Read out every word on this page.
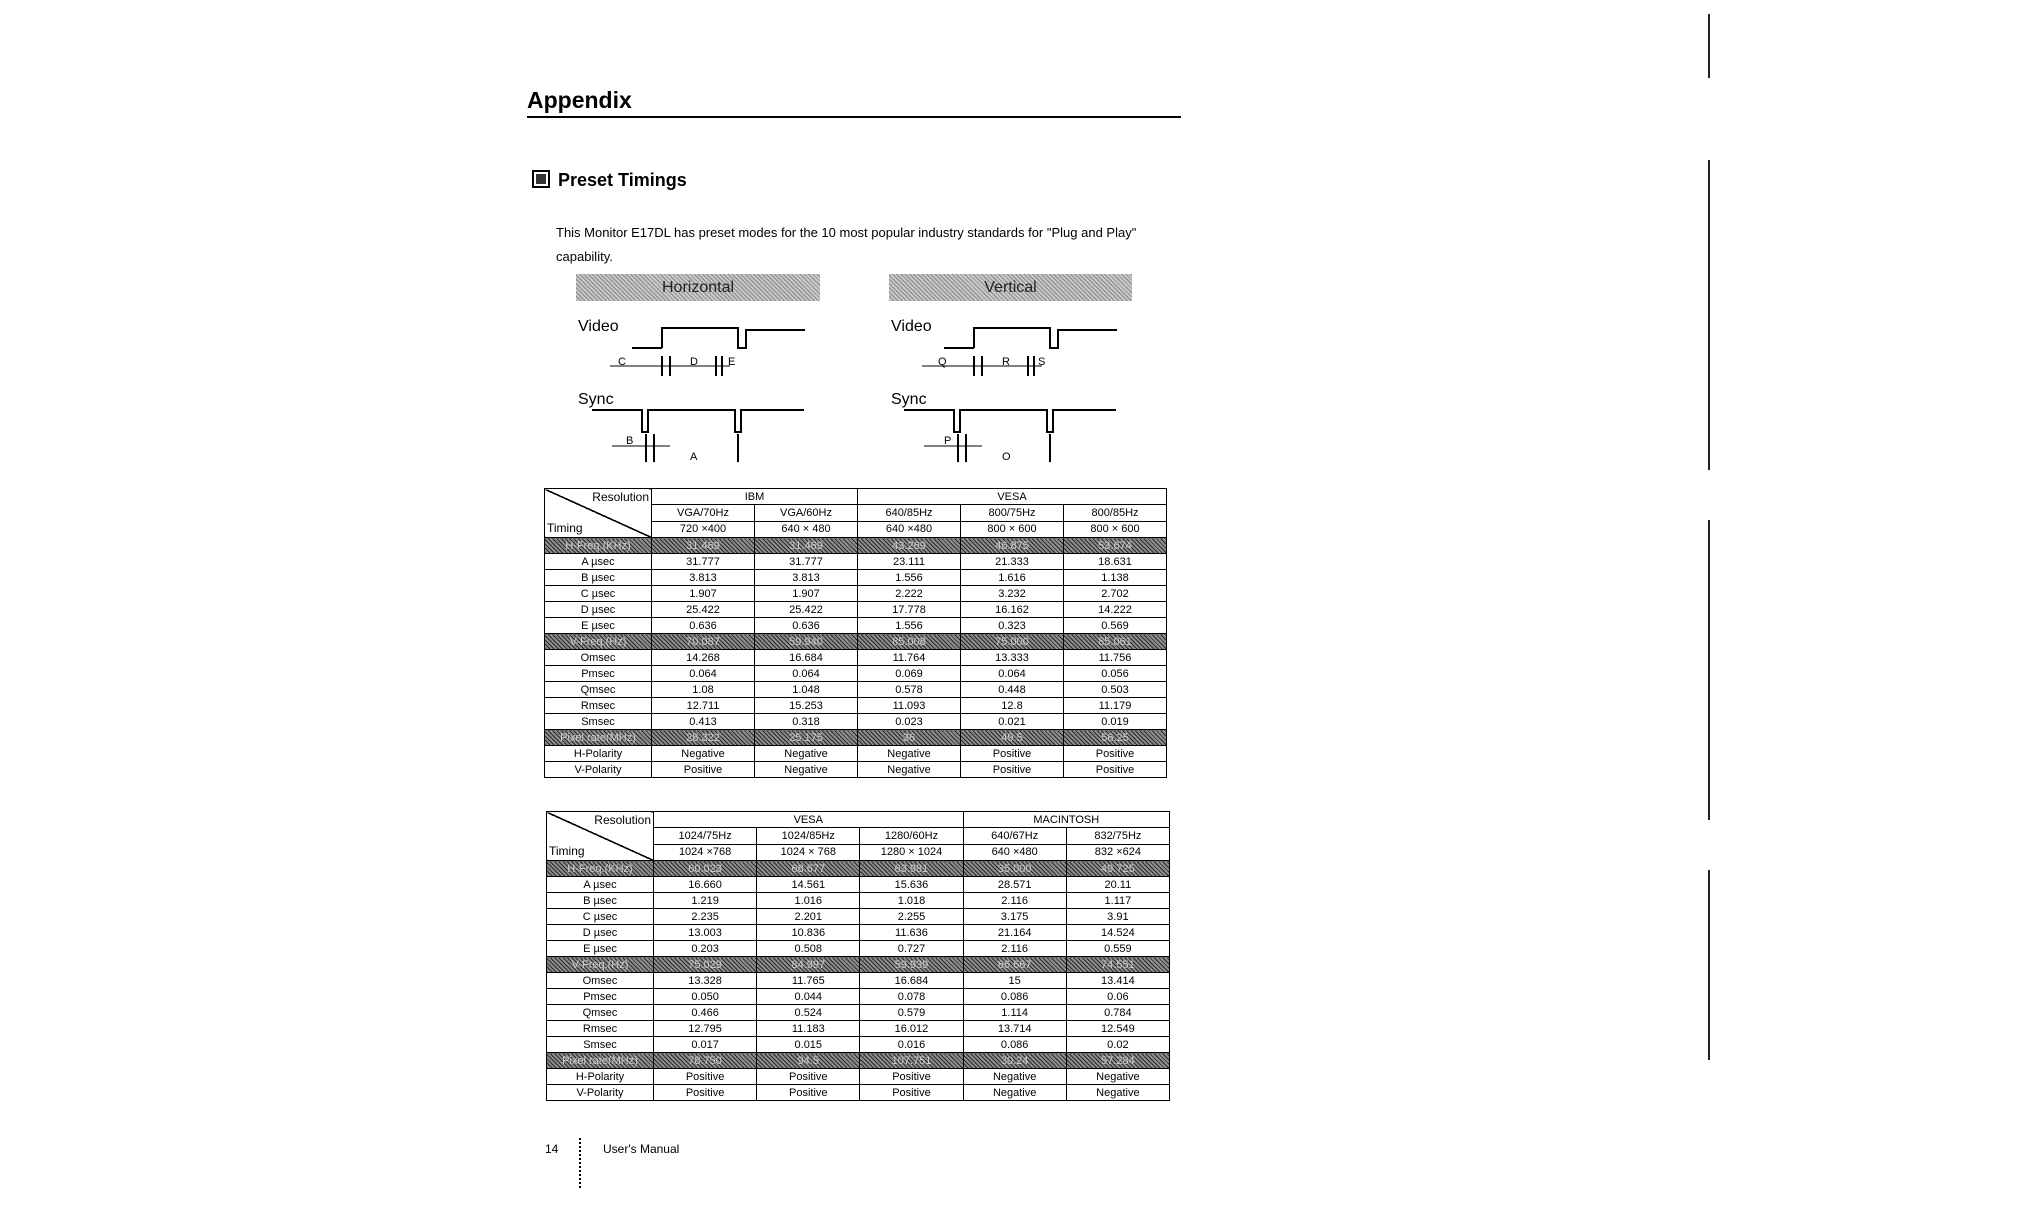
Appendix
Preset Timings
This Monitor E17DL has preset modes for the 10 most popular industry standards for "Plug and Play" capability.
Horizontal
Video
Sync
C	D	E
B
A
Vertical
Video
Sync
Q	R	S
P
O
Resolution
Timing	IBM		VESA		
	VGA/70Hz	VGA/60Hz	640/85Hz	800/75Hz	800/85Hz
	720 ×400	640 × 480	640 ×480	800 × 600	800 × 600
H-Freq.(KHz)	31.469	31.469	43.269	46.875	53.674
A µsec	31.777	31.777	23.111	21.333	18.631
B µsec	3.813	3.813	1.556	1.616	1.138
C µsec	1.907	1.907	2.222	3.232	2.702
D µsec	25.422	25.422	17.778	16.162	14.222
E µsec	0.636	0.636	1.556	0.323	0.569
V-Freq.(Hz)	70.087	59.940	85.008	75.000	85.061
Omsec	14.268	16.684	11.764	13.333	11.756
Pmsec	0.064	0.064	0.069	0.064	0.056
Qmsec	1.08	1.048	0.578	0.448	0.503
Rmsec	12.711	15.253	11.093	12.8	11.179
Smsec	0.413	0.318	0.023	0.021	0.019
Pixel rate(MHz)	28.322	25.175	36	49.5	56.25
H-Polarity	Negative	Negative	Negative	Positive	Positive
V-Polarity	Positive	Negative	Negative	Positive	Positive
Resolution
Timing	VESA			MACINTOSH	
	1024/75Hz	1024/85Hz	1280/60Hz	640/67Hz	832/75Hz
	1024 ×768	1024 × 768	1280 × 1024	640 ×480	832 ×624
H-Freq.(KHz)	60.023	68.677	63.981	35.000	49.725
A µsec	16.660	14.561	15.636	28.571	20.11
B µsec	1.219	1.016	1.018	2.116	1.117
C µsec	2.235	2.201	2.255	3.175	3.91
D µsec	13.003	10.836	11.636	21.164	14.524
E µsec	0.203	0.508	0.727	2.116	0.559
V-Freq.(Hz)	75.029	84.997	59.939	66.667	74.551
Omsec	13.328	11.765	16.684	15	13.414
Pmsec	0.050	0.044	0.078	0.086	0.06
Qmsec	0.466	0.524	0.579	1.114	0.784
Rmsec	12.795	11.183	16.012	13.714	12.549
Smsec	0.017	0.015	0.016	0.086	0.02
Pixel rate(MHz)	78.750	94.5	107.751	30.24	57.284
H-Polarity	Positive	Positive	Positive	Negative	Negative
V-Polarity	Positive	Positive	Positive	Negative	Negative
14	User's Manual
